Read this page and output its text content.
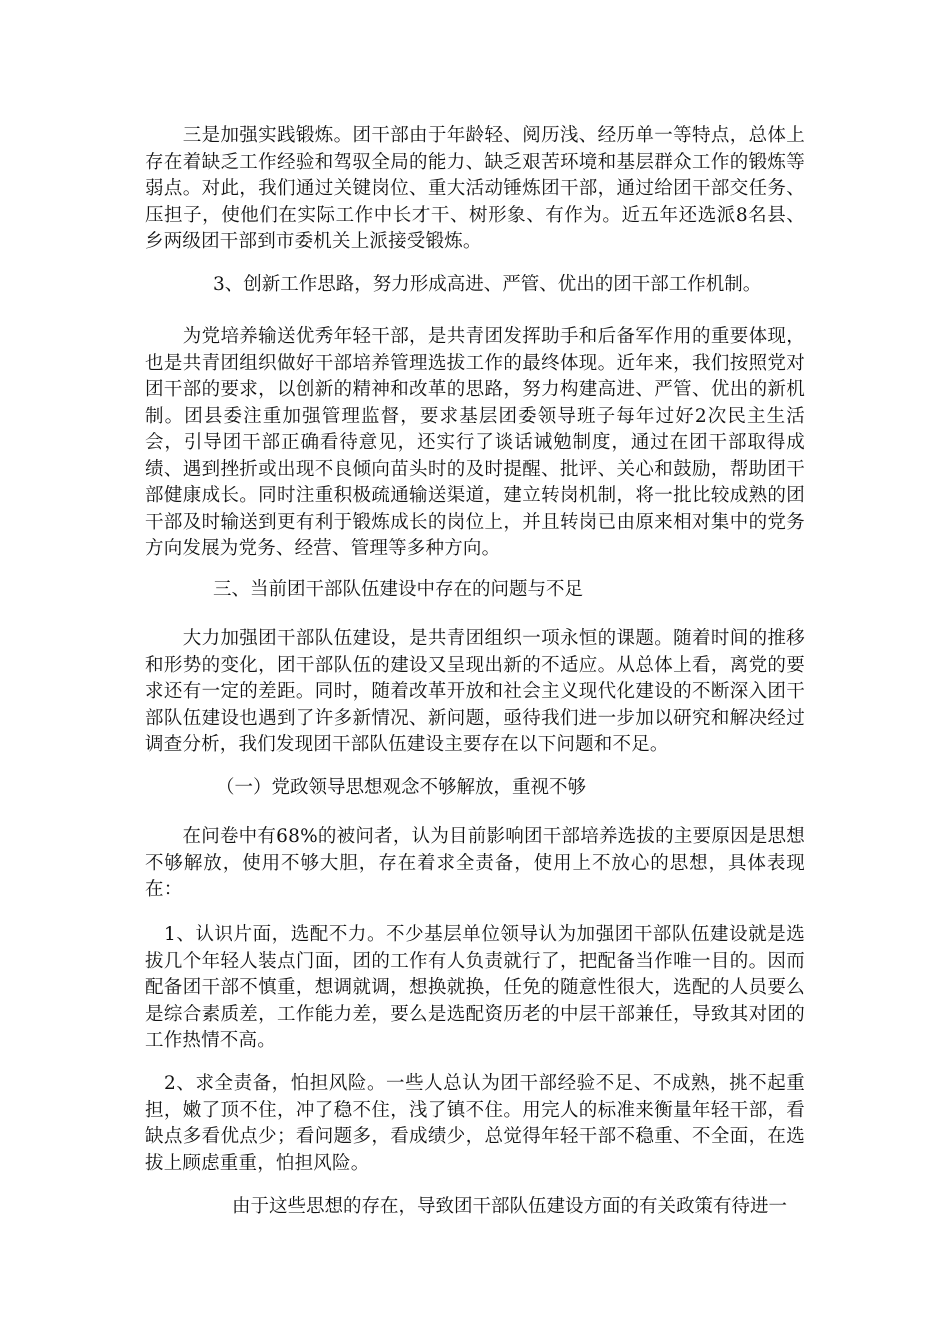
　　三是加强实践锻炼。团干部由于年龄轻、阅历浅、经历单一等特点，总体上存在着缺乏工作经验和驾驭全局的能力、缺乏艰苦环境和基层群众工作的锻炼等弱点。对此，我们通过关键岗位、重大活动锤炼团干部，通过给团干部交任务、压担子，使他们在实际工作中长才干、树形象、有作为。近五年还选派8名县、乡两级团干部到市委机关上派接受锻炼。

3、创新工作思路，努力形成高进、严管、优出的团干部工作机制。

　　为党培养输送优秀年轻干部，是共青团发挥助手和后备军作用的重要体现，也是共青团组织做好干部培养管理选拔工作的最终体现。近年来，我们按照党对团干部的要求，以创新的精神和改革的思路，努力构建高进、严管、优出的新机制。团县委注重加强管理监督，要求基层团委领导班子每年过好2次民主生活会，引导团干部正确看待意见，还实行了谈话诫勉制度，通过在团干部取得成绩、遇到挫折或出现不良倾向苗头时的及时提醒、批评、关心和鼓励，帮助团干部健康成长。同时注重积极疏通输送渠道，建立转岗机制，将一批比较成熟的团干部及时输送到更有利于锻炼成长的岗位上，并且转岗已由原来相对集中的党务方向发展为党务、经营、管理等多种方向。

三、当前团干部队伍建设中存在的问题与不足

　　大力加强团干部队伍建设，是共青团组织一项永恒的课题。随着时间的推移和形势的变化，团干部队伍的建设又呈现出新的不适应。从总体上看，离党的要求还有一定的差距。同时，随着改革开放和社会主义现代化建设的不断深入团干部队伍建设也遇到了许多新情况、新问题，亟待我们进一步加以研究和解决经过调查分析，我们发现团干部队伍建设主要存在以下问题和不足。

（一）党政领导思想观念不够解放，重视不够

　　在问卷中有68%的被问者，认为目前影响团干部培养选拔的主要原因是思想不够解放，使用不够大胆，存在着求全责备，使用上不放心的思想，具体表现在：

　1、认识片面，选配不力。不少基层单位领导认为加强团干部队伍建设就是选拔几个年轻人装点门面，团的工作有人负责就行了，把配备当作唯一目的。因而配备团干部不慎重，想调就调，想换就换，任免的随意性很大，选配的人员要么是综合素质差，工作能力差，要么是选配资历老的中层干部兼任，导致其对团的工作热情不高。

　2、求全责备，怕担风险。一些人总认为团干部经验不足、不成熟，挑不起重担，嫩了顶不住，冲了稳不住，浅了镇不住。用完人的标准来衡量年轻干部，看缺点多看优点少；看问题多，看成绩少，总觉得年轻干部不稳重、不全面，在选拔上顾虑重重，怕担风险。

由于这些思想的存在，导致团干部队伍建设方面的有关政策有待进一
